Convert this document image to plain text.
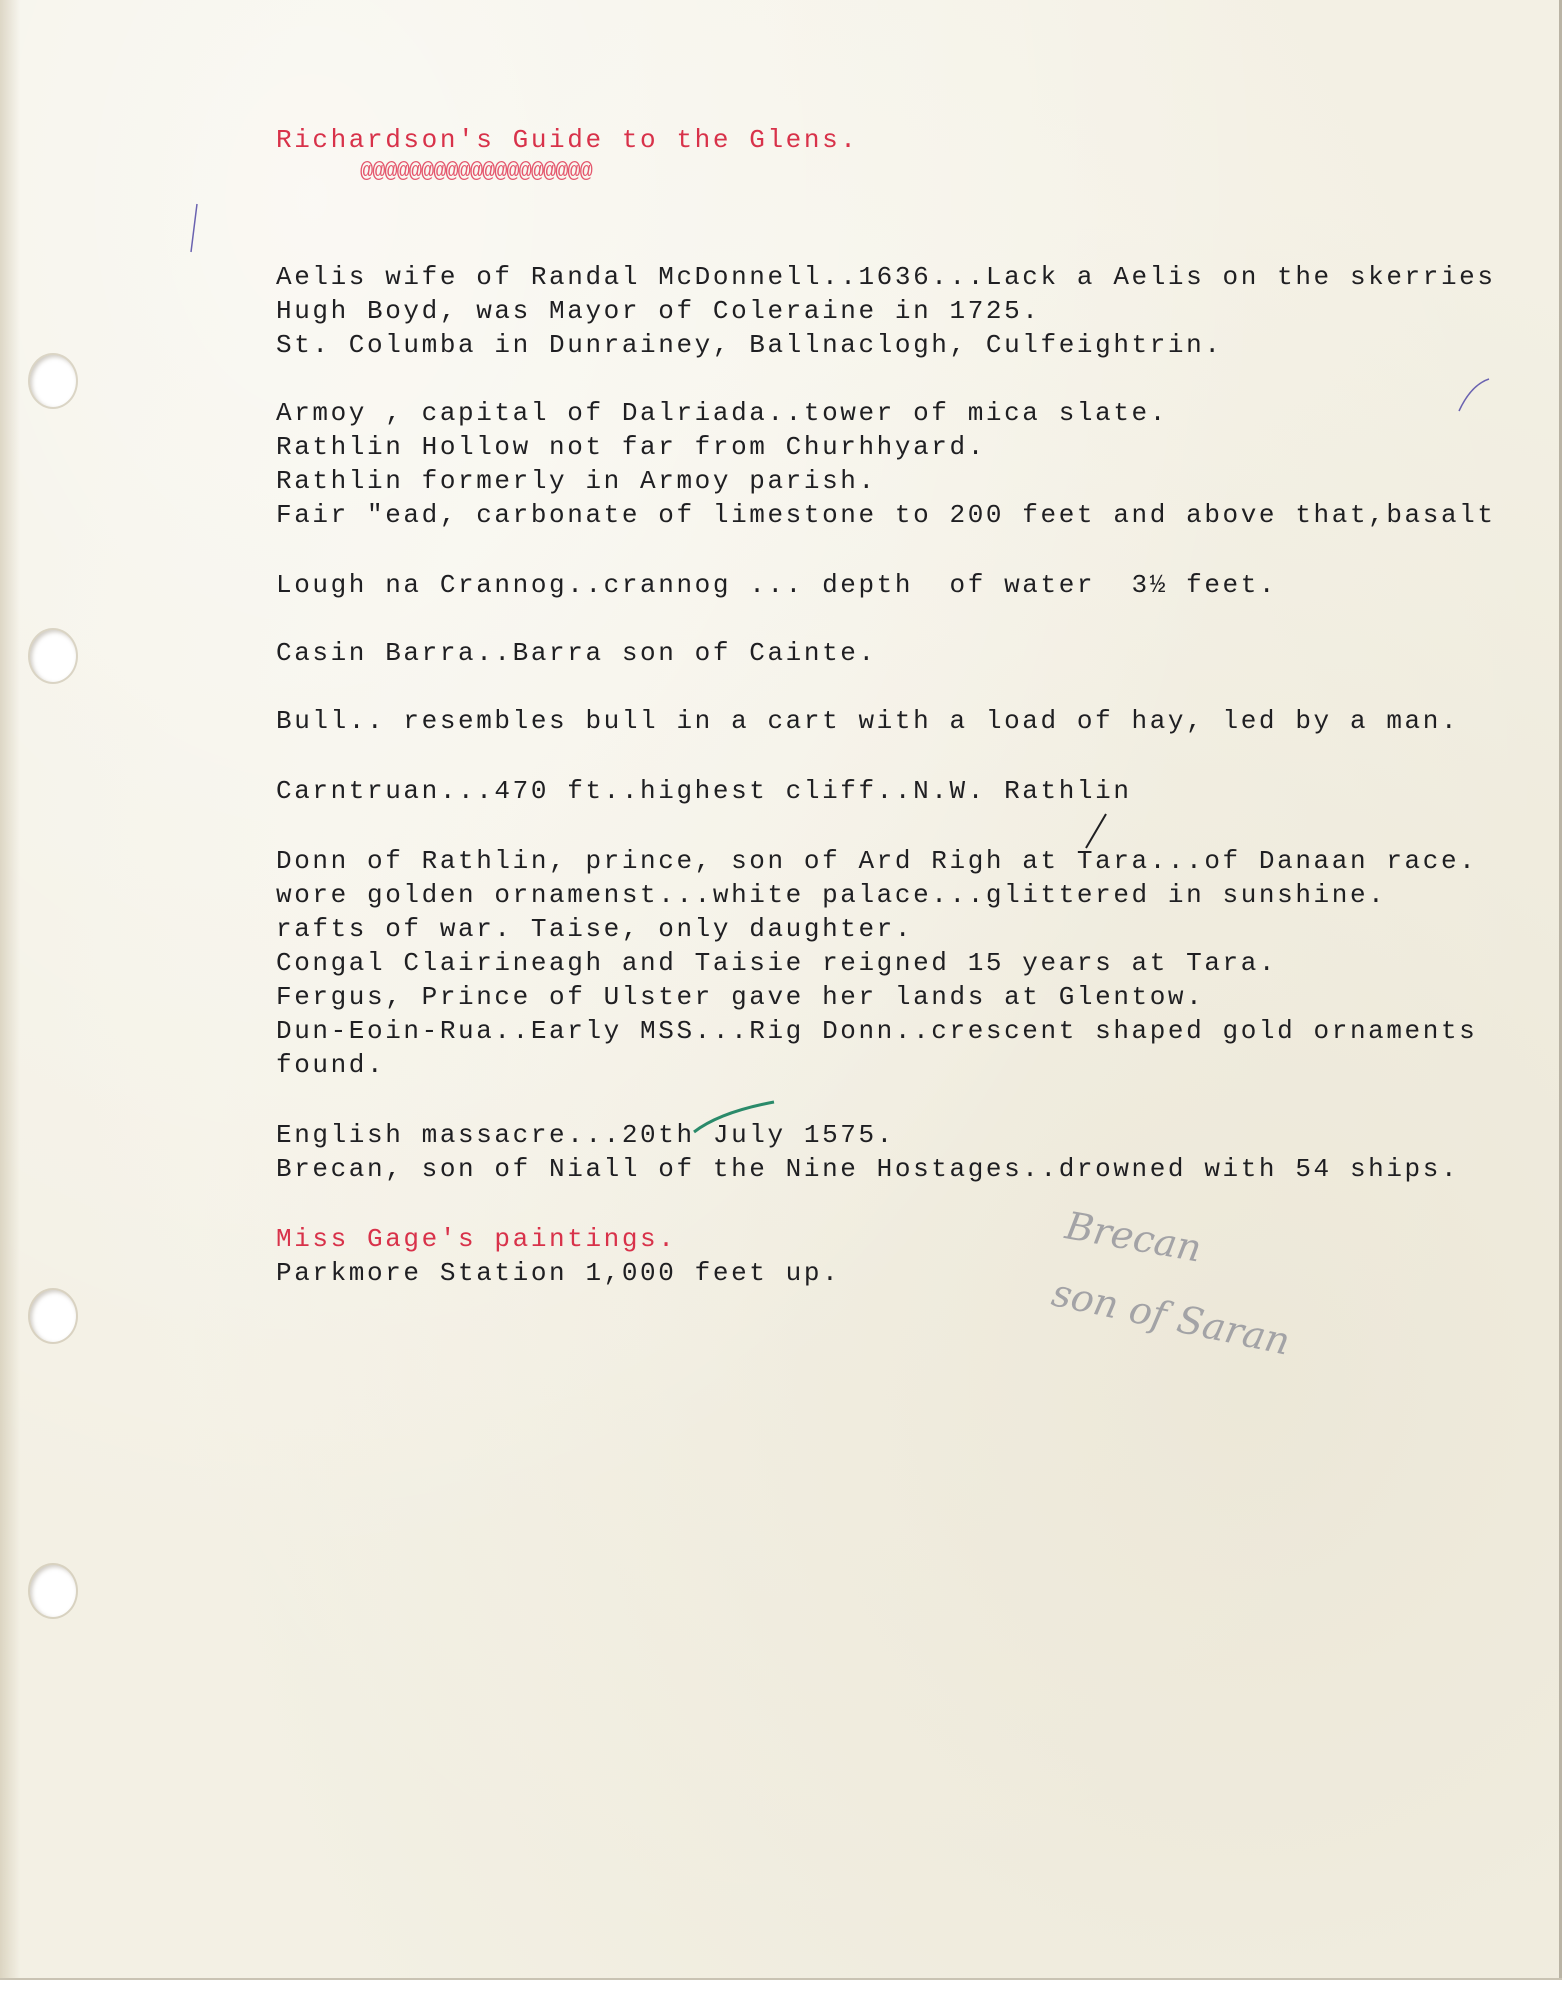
Richardson's Guide to the Glens.

@@@@@@@@@@@@@@@@@@@

Aelis wife of Randal McDonnell..1636...Lack a Aelis on the skerries

Hugh Boyd, was Mayor of Coleraine in 1725.

St. Columba in Dunrainey, Ballnaclogh, Culfeightrin.

Armoy , capital of Dalriada..tower of mica slate.

Rathlin Hollow not far from Churhhyard.

Rathlin formerly in Armoy parish.

Fair "ead, carbonate of limestone to 200 feet and above that,basalt

Lough na Crannog..crannog ... depth  of water  3½ feet.

Casin Barra..Barra son of Cainte.

Bull.. resembles bull in a cart with a load of hay, led by a man.

Carntruan...470 ft..highest cliff..N.W. Rathlin

Donn of Rathlin, prince, son of Ard Righ at Tara...of Danaan race.

wore golden ornamenst...white palace...glittered in sunshine.

rafts of war. Taise, only daughter.

Congal Clairineagh and Taisie reigned 15 years at Tara.

Fergus, Prince of Ulster gave her lands at Glentow.

Dun-Eoin-Rua..Early MSS...Rig Donn..crescent shaped gold ornaments

found.

English massacre...20th July 1575.

Brecan, son of Niall of the Nine Hostages..drowned with 54 ships.

Miss Gage's paintings.

Parkmore Station 1,000 feet up.

Brecan
son of Saran
